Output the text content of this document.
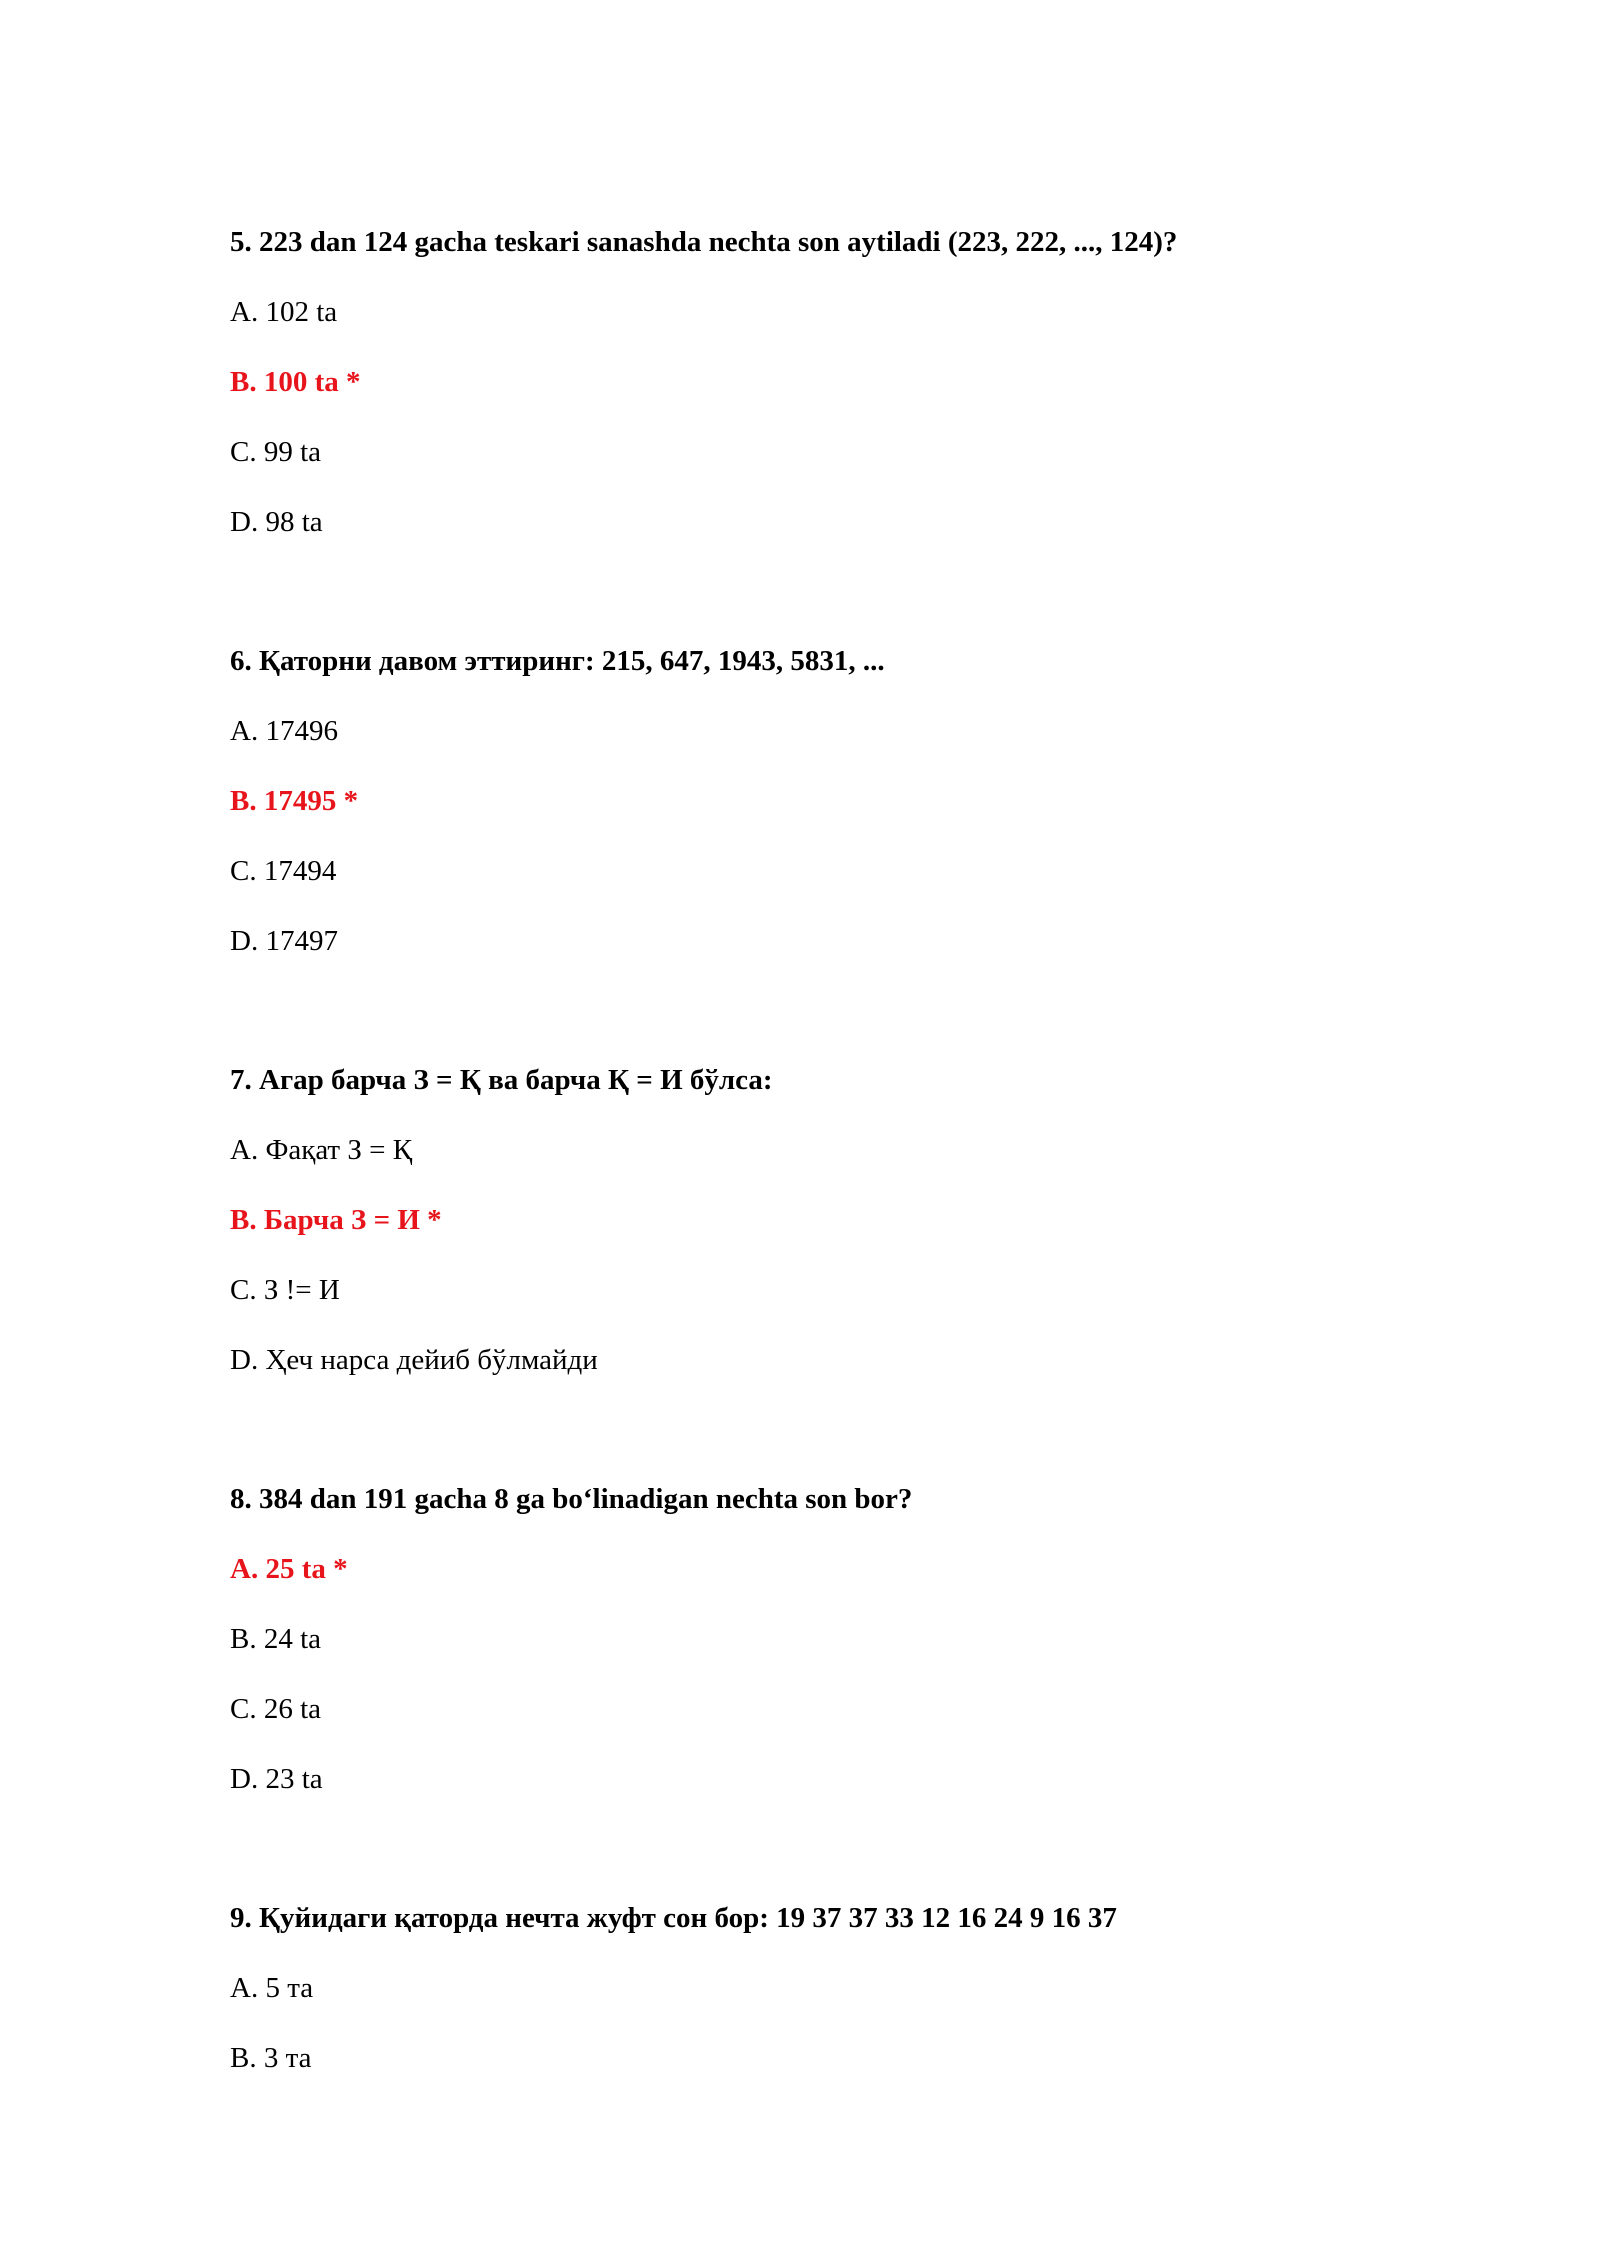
5. 223 dan 124 gacha teskari sanashda nechta son aytiladi (223, 222, ..., 124)?
A. 102 ta
B. 100 ta *
C. 99 ta
D. 98 ta
6. Қаторни давом эттиринг: 215, 647, 1943, 5831, ...
A. 17496
B. 17495 *
C. 17494
D. 17497
7. Агар барча З = Қ ва барча Қ = И бўлса:
A. Фақат З = Қ
B. Барча З = И *
C. З != И
D. Ҳеч нарса дейиб бўлмайди
8. 384 dan 191 gacha 8 ga bo‘linadigan nechta son bor?
A. 25 ta *
B. 24 ta
C. 26 ta
D. 23 ta
9. Қуйидаги қаторда нечта жуфт сон бор: 19 37 37 33 12 16 24 9 16 37
A. 5 та
B. 3 та
